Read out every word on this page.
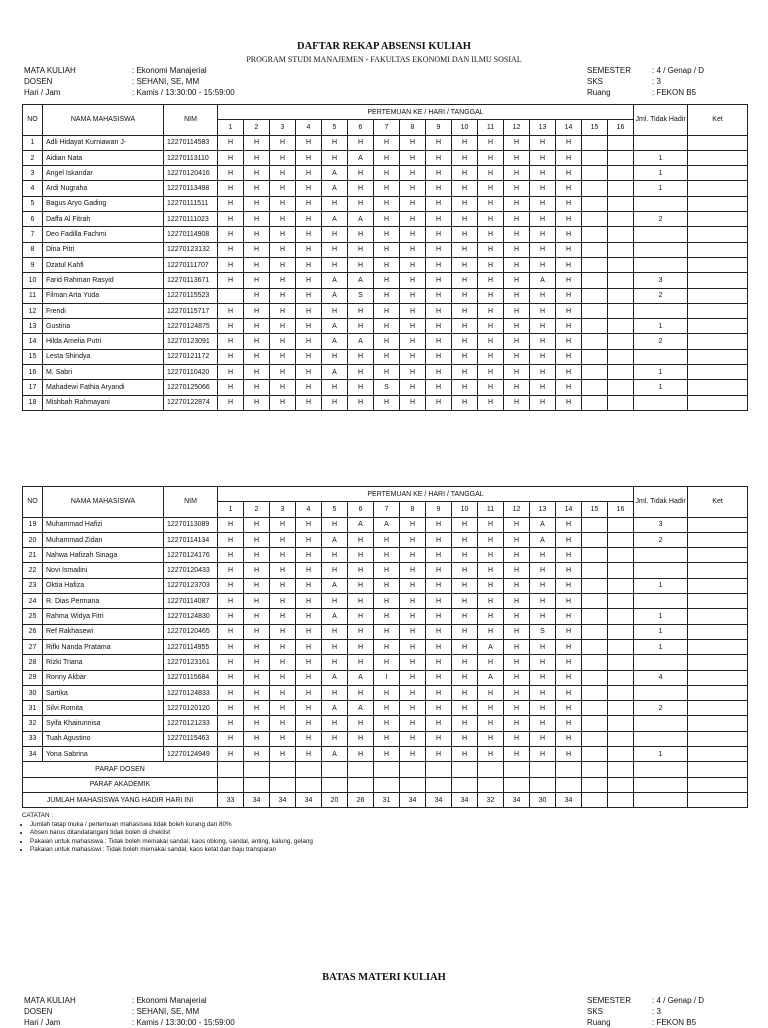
DAFTAR REKAP ABSENSI KULIAH
PROGRAM STUDI MANAJEMEN - FAKULTAS EKONOMI DAN ILMU SOSIAL
MATA KULIAH	: Ekonomi Manajerial
DOSEN	: SEHANI, SE, MM
Hari / Jam	: Kamis / 13:30:00 - 15:59:00
SEMESTER	: 4 / Genap / D
SKS	: 3
Ruang	: FEKON B5
NO	NAMA MAHASISWA	NIM	PERTEMUAN KE / HARI / TANGGAL																Jml. Tidak Hadir	Ket
			1	2	3	4	5	6	7	8	9	10	11	12	13	14	15	16		
1	Adli Hidayat Kurniawan J-	12270114583	H	H	H	H	H	H	H	H	H	H	H	H	H	H				
2	Aidian Nata	12270113110	H	H	H	H	H	A	H	H	H	H	H	H	H	H			1	
3	Angel Iskandar	12270120416	H	H	H	H	A	H	H	H	H	H	H	H	H	H			1	
4	Ardi Nugraha	12270113498	H	H	H	H	A	H	H	H	H	H	H	H	H	H			1	
5	Bagus Aryo Gading	12270111511	H	H	H	H	H	H	H	H	H	H	H	H	H	H				
6	Daffa Al Fitrah	12270111023	H	H	H	H	A	A	H	H	H	H	H	H	H	H			2	
7	Deo Fadilla Fachmi	12270114908	H	H	H	H	H	H	H	H	H	H	H	H	H	H				
8	Dina Pitri	12270123132	H	H	H	H	H	H	H	H	H	H	H	H	H	H				
9	Dzatul Kahfi	12270111707	H	H	H	H	H	H	H	H	H	H	H	H	H	H				
10	Farid Rahman Rasyid	12270113671	H	H	H	H	A	A	H	H	H	H	H	H	A	H			3	
11	Filman Arta Yuda	12270115523		H	H	H	A	S	H	H	H	H	H	H	H	H			2	
12	Frendi	12270115717	H	H	H	H	H	H	H	H	H	H	H	H	H	H				
13	Gustina	12270124875	H	H	H	H	A	H	H	H	H	H	H	H	H	H			1	
14	Hilda Amelia Putri	12270123091	H	H	H	H	A	A	H	H	H	H	H	H	H	H			2	
15	Lesta Shindya	12270121172	H	H	H	H	H	H	H	H	H	H	H	H	H	H				
16	M. Sabri	12270110420	H	H	H	H	A	H	H	H	H	H	H	H	H	H			1	
17	Mahadewi Fathia Aryandi	12270125066	H	H	H	H	H	H	S	H	H	H	H	H	H	H			1	
18	Mishbah Rahmayani	12270122874	H	H	H	H	H	H	H	H	H	H	H	H	H	H				
NO	NAMA MAHASISWA	NIM	PERTEMUAN KE / HARI / TANGGAL																Jml. Tidak Hadir	Ket
			1	2	3	4	5	6	7	8	9	10	11	12	13	14	15	16		
19	Muhammad Hafizi	12270113089	H	H	H	H	H	A	A	H	H	H	H	H	A	H			3	
20	Muhammad Zidan	12270114134	H	H	H	H	A	H	H	H	H	H	H	H	A	H			2	
21	Nahwa Hafizah Sinaga	12270124176	H	H	H	H	H	H	H	H	H	H	H	H	H	H				
22	Novi Ismailini	12270120433	H	H	H	H	H	H	H	H	H	H	H	H	H	H				
23	Oktia Hafiza	12270123703	H	H	H	H	A	H	H	H	H	H	H	H	H	H			1	
24	R. Dias Permana	12270114087	H	H	H	H	H	H	H	H	H	H	H	H	H	H				
25	Rahma Widya Fitri	12270124830	H	H	H	H	A	H	H	H	H	H	H	H	H	H			1	
26	Ref Rakhasewi	12270120465	H	H	H	H	H	H	H	H	H	H	H	H	S	H			1	
27	Rifki Nanda Pratama	12270114955	H	H	H	H	H	H	H	H	H	H	A	H	H	H			1	
28	Rizki Triana	12270123161	H	H	H	H	H	H	H	H	H	H	H	H	H	H				
29	Ronny Akbar	12270115684	H	H	H	H	A	A	I	H	H	H	A	H	H	H			4	
30	Sartika	12270124833	H	H	H	H	H	H	H	H	H	H	H	H	H	H				
31	Silvi Romita	12270120120	H	H	H	H	A	A	H	H	H	H	H	H	H	H			2	
32	Syifa Khairunnisa	12270121233	H	H	H	H	H	H	H	H	H	H	H	H	H	H				
33	Tuah Agustino	12270115463	H	H	H	H	H	H	H	H	H	H	H	H	H	H				
34	Yona Sabrina	12270124949	H	H	H	H	A	H	H	H	H	H	H	H	H	H			1	
PARAF DOSEN																				
PARAF AKADEMIK																				
JUMLAH MAHASISWA YANG HADIR HARI INI			33	34	34	34	20	26	31	34	34	34	32	34	30	34				
CATATAN :
• Jumlah tatap muka / pertemuan mahasiswa tidak boleh kurang dari 80%
• Absen harus ditandatangani tidak boleh di cheklist
• Pakaian untuk mahasiswa : Tidak boleh memakai sandal, kaos oblong, sandal, anting, kalung, gelang
• Pakaian untuk mahasiswi : Tidak boleh memakai sandal, kaos ketat dan baju transparan
BATAS MATERI KULIAH
MATA KULIAH	: Ekonomi Manajerial
DOSEN	: SEHANI, SE, MM
Hari / Jam	: Kamis / 13:30:00 - 15:59:00
SEMESTER	: 4 / Genap / D
SKS	: 3
Ruang	: FEKON B5
